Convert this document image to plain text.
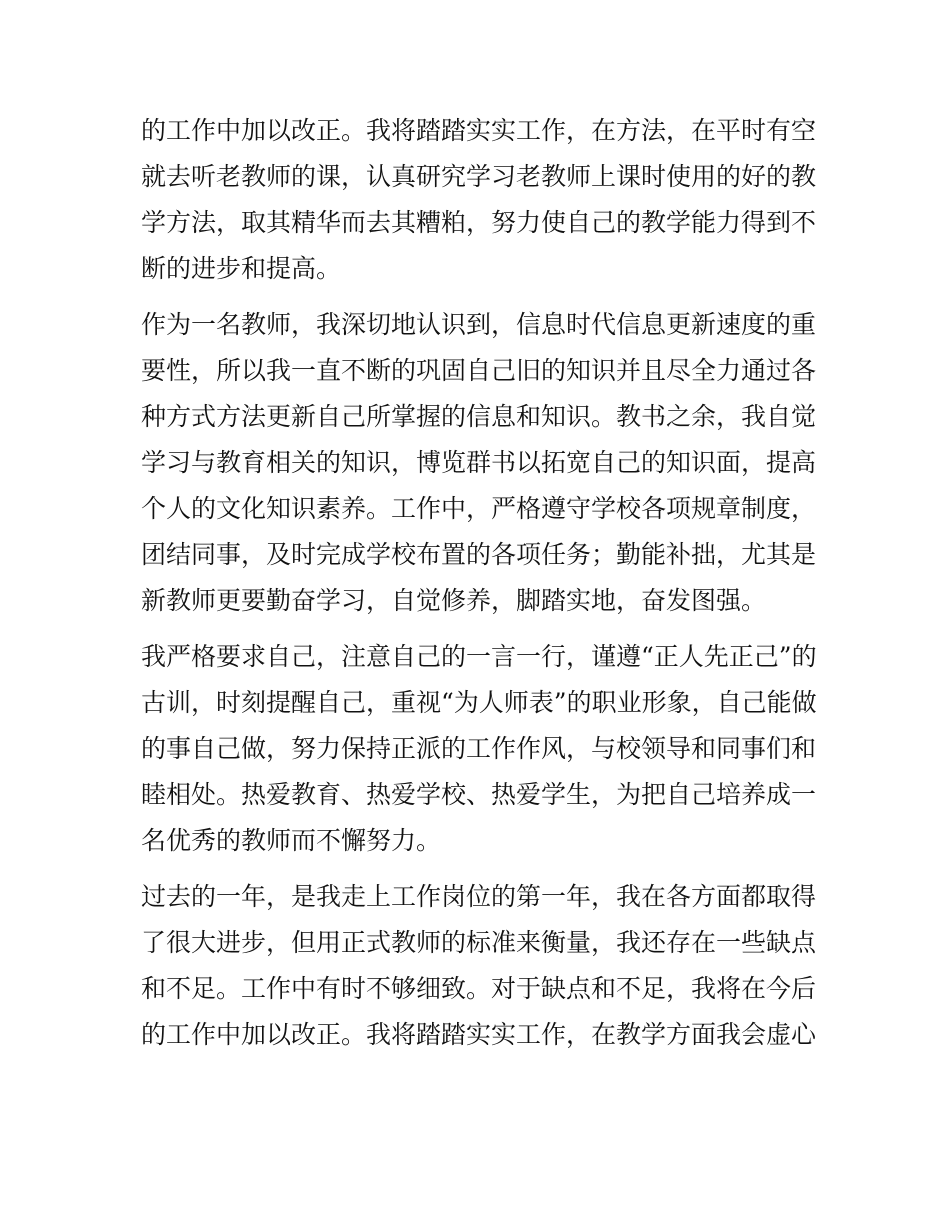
的工作中加以改正。我将踏踏实实工作，在方法，在平时有空
就去听老教师的课，认真研究学习老教师上课时使用的好的教
学方法，取其精华而去其糟粕，努力使自己的教学能力得到不
断的进步和提高。
作为一名教师，我深切地认识到，信息时代信息更新速度的重
要性，所以我一直不断的巩固自己旧的知识并且尽全力通过各
种方式方法更新自己所掌握的信息和知识。教书之余，我自觉
学习与教育相关的知识，博览群书以拓宽自己的知识面，提高
个人的文化知识素养。工作中，严格遵守学校各项规章制度，
团结同事，及时完成学校布置的各项任务；勤能补拙，尤其是
新教师更要勤奋学习，自觉修养，脚踏实地，奋发图强。
我严格要求自己，注意自己的一言一行，谨遵“正人先正己”的
古训，时刻提醒自己，重视“为人师表”的职业形象，自己能做
的事自己做，努力保持正派的工作作风，与校领导和同事们和
睦相处。热爱教育、热爱学校、热爱学生，为把自己培养成一
名优秀的教师而不懈努力。
过去的一年，是我走上工作岗位的第一年，我在各方面都取得
了很大进步，但用正式教师的标准来衡量，我还存在一些缺点
和不足。工作中有时不够细致。对于缺点和不足，我将在今后
的工作中加以改正。我将踏踏实实工作，在教学方面我会虚心
